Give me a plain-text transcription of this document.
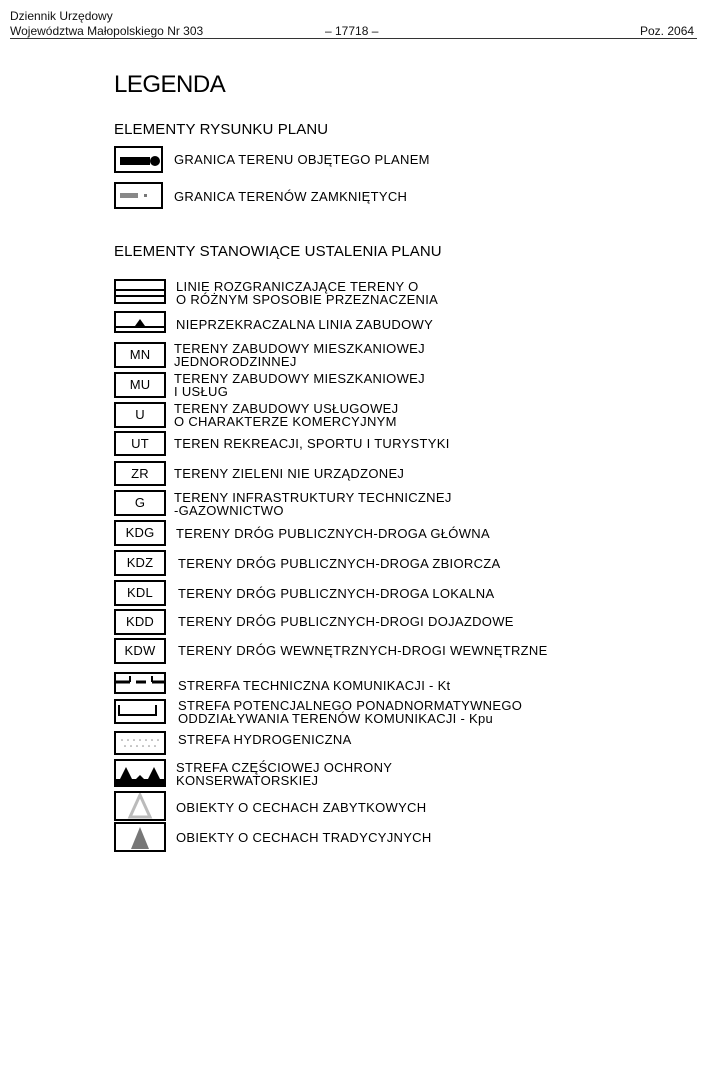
Dziennik Urzędowy
Województwa Małopolskiego Nr 303	– 17718 –	Poz. 2064
LEGENDA
ELEMENTY RYSUNKU PLANU
GRANICA TERENU OBJĘTEGO PLANEM
GRANICA TERENÓW ZAMKNIĘTYCH
ELEMENTY STANOWIĄCE USTALENIA PLANU
LINIE ROZGRANICZAJĄCE TERENY O
O RÓŻNYM SPOSOBIE PRZEZNACZENIA
NIEPRZEKRACZALNA LINIA ZABUDOWY
MN	TERENY ZABUDOWY MIESZKANIOWEJ
JEDNORODZINNEJ
MU	TERENY ZABUDOWY MIESZKANIOWEJ
I USŁUG
U	TERENY ZABUDOWY USŁUGOWEJ
O CHARAKTERZE KOMERCYJNYM
UT	TEREN REKREACJI, SPORTU I TURYSTYKI
ZR	TERENY ZIELENI NIE URZĄDZONEJ
G	TERENY INFRASTRUKTURY TECHNICZNEJ
-GAZOWNICTWO
KDG	TERENY DRÓG PUBLICZNYCH-DROGA GŁÓWNA
KDZ	TERENY DRÓG PUBLICZNYCH-DROGA ZBIORCZA
KDL	TERENY DRÓG PUBLICZNYCH-DROGA LOKALNA
KDD	TERENY DRÓG PUBLICZNYCH-DROGI DOJAZDOWE
KDW	TERENY DRÓG WEWNĘTRZNYCH-DROGI WEWNĘTRZNE
STRERFA TECHNICZNA KOMUNIKACJI - Kt
STREFA POTENCJALNEGO PONADNORMATYWNEGO
ODDZIAŁYWANIA TERENÓW KOMUNIKACJI - Kpu
STREFA HYDROGENICZNA
STREFA CZĘŚCIOWEJ OCHRONY
KONSERWATORSKIEJ
OBIEKTY O CECHACH ZABYTKOWYCH
OBIEKTY O CECHACH TRADYCYJNYCH
